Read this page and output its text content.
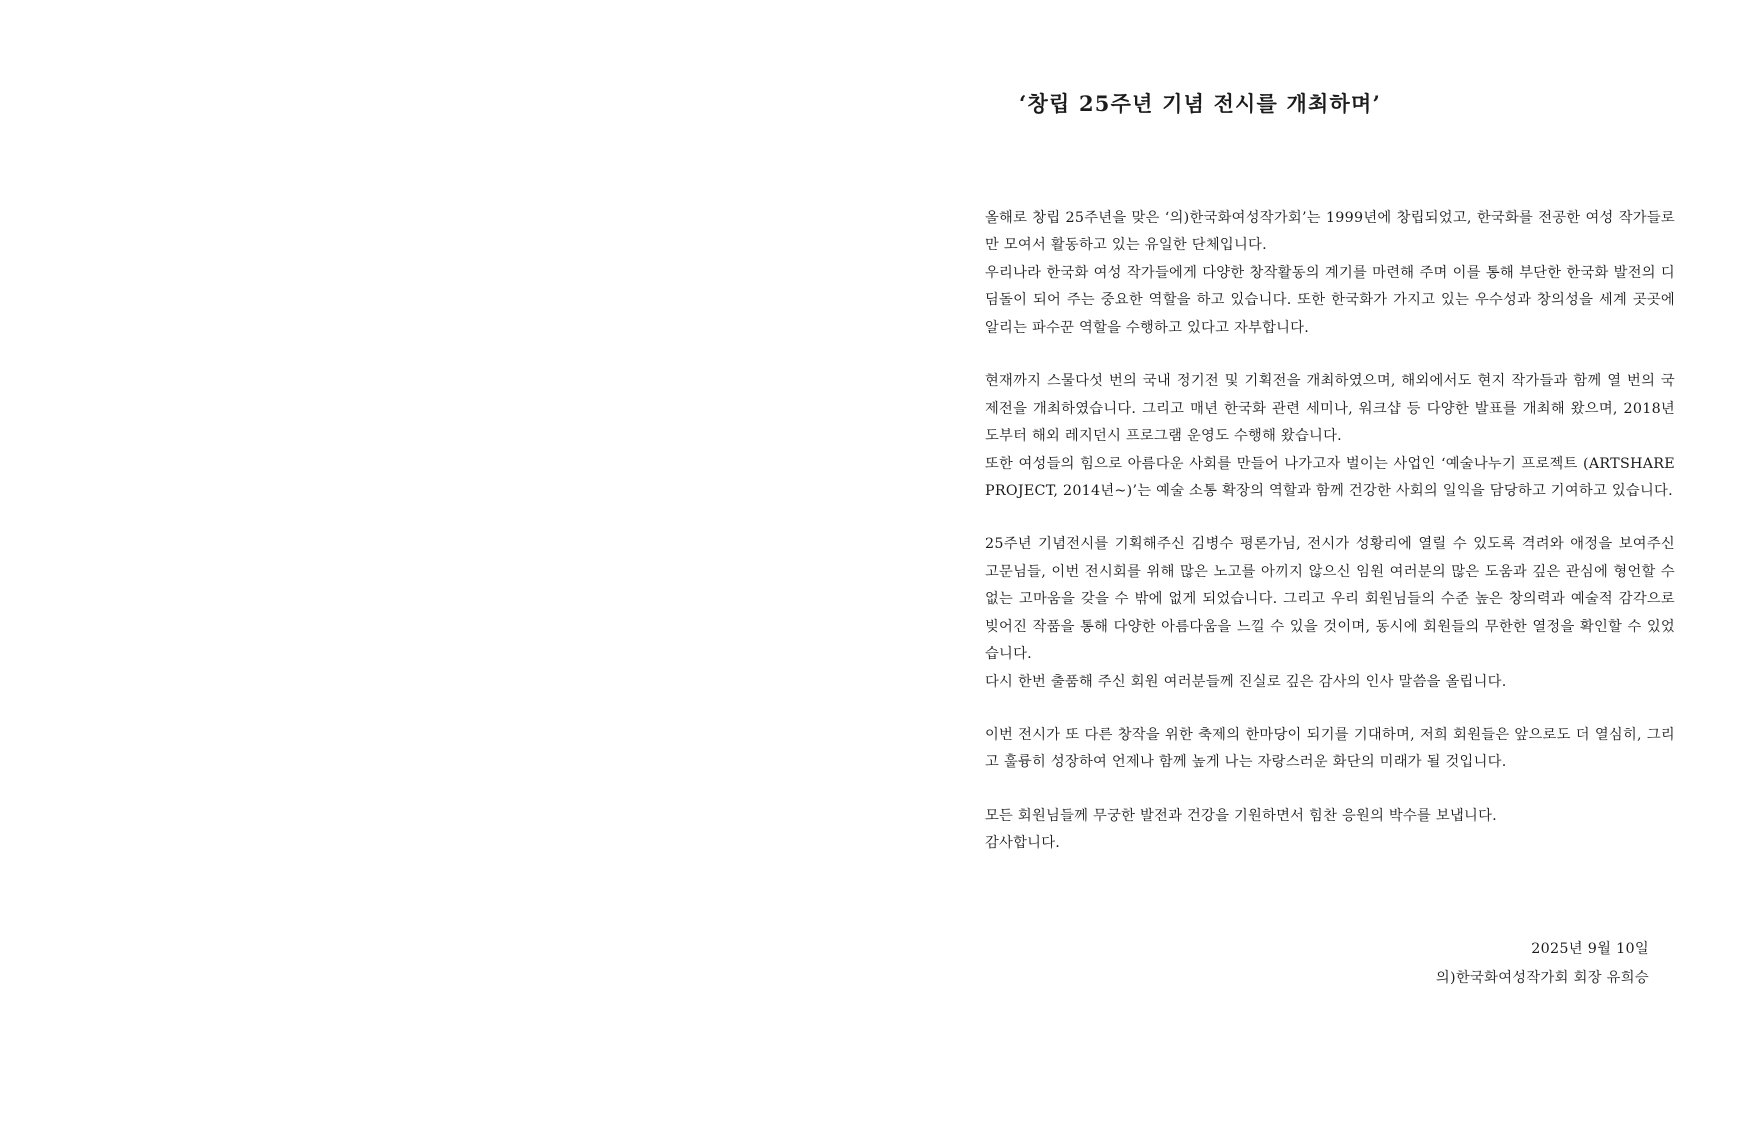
‘창립 25주년 기념 전시를 개최하며’

올해로 창립 25주년을 맞은 ‘의)한국화여성작가회’는 1999년에 창립되었고, 한국화를 전공한 여성 작가들로만 모여서 활동하고 있는 유일한 단체입니다.

우리나라 한국화 여성 작가들에게 다양한 창작활동의 계기를 마련해 주며 이를 통해 부단한 한국화 발전의 디딤돌이 되어 주는 중요한 역할을 하고 있습니다. 또한 한국화가 가지고 있는 우수성과 창의성을 세계 곳곳에 알리는 파수꾼 역할을 수행하고 있다고 자부합니다.

현재까지 스물다섯 번의 국내 정기전 및 기획전을 개최하였으며, 해외에서도 현지 작가들과 함께 열 번의 국제전을 개최하였습니다. 그리고 매년 한국화 관련 세미나, 워크샵 등 다양한 발표를 개최해 왔으며, 2018년도부터 해외 레지던시 프로그램 운영도 수행해 왔습니다.

또한 여성들의 힘으로 아름다운 사회를 만들어 나가고자 벌이는 사업인 ‘예술나누기 프로젝트 (ARTSHARE PROJECT, 2014년~)’는 예술 소통 확장의 역할과 함께 건강한 사회의 일익을 담당하고 기여하고 있습니다.

25주년 기념전시를 기획해주신 김병수 평론가님, 전시가 성황리에 열릴 수 있도록 격려와 애정을 보여주신 고문님들, 이번 전시회를 위해 많은 노고를 아끼지 않으신 임원 여러분의 많은 도움과 깊은 관심에 형언할 수 없는 고마움을 갖을 수 밖에 없게 되었습니다. 그리고 우리 회원님들의 수준 높은 창의력과 예술적 감각으로 빚어진 작품을 통해 다양한 아름다움을 느낄 수 있을 것이며, 동시에 회원들의 무한한 열정을 확인할 수 있었습니다.

다시 한번 출품해 주신 회원 여러분들께 진실로 깊은 감사의 인사 말씀을 올립니다.

이번 전시가 또 다른 창작을 위한 축제의 한마당이 되기를 기대하며, 저희 회원들은 앞으로도 더 열심히, 그리고 훌륭히 성장하여 언제나 함께 높게 나는 자랑스러운 화단의 미래가 될 것입니다.

모든 회원님들께 무궁한 발전과 건강을 기원하면서 힘찬 응원의 박수를 보냅니다.

감사합니다.

2025년 9월 10일
의)한국화여성작가회 회장 유희승
